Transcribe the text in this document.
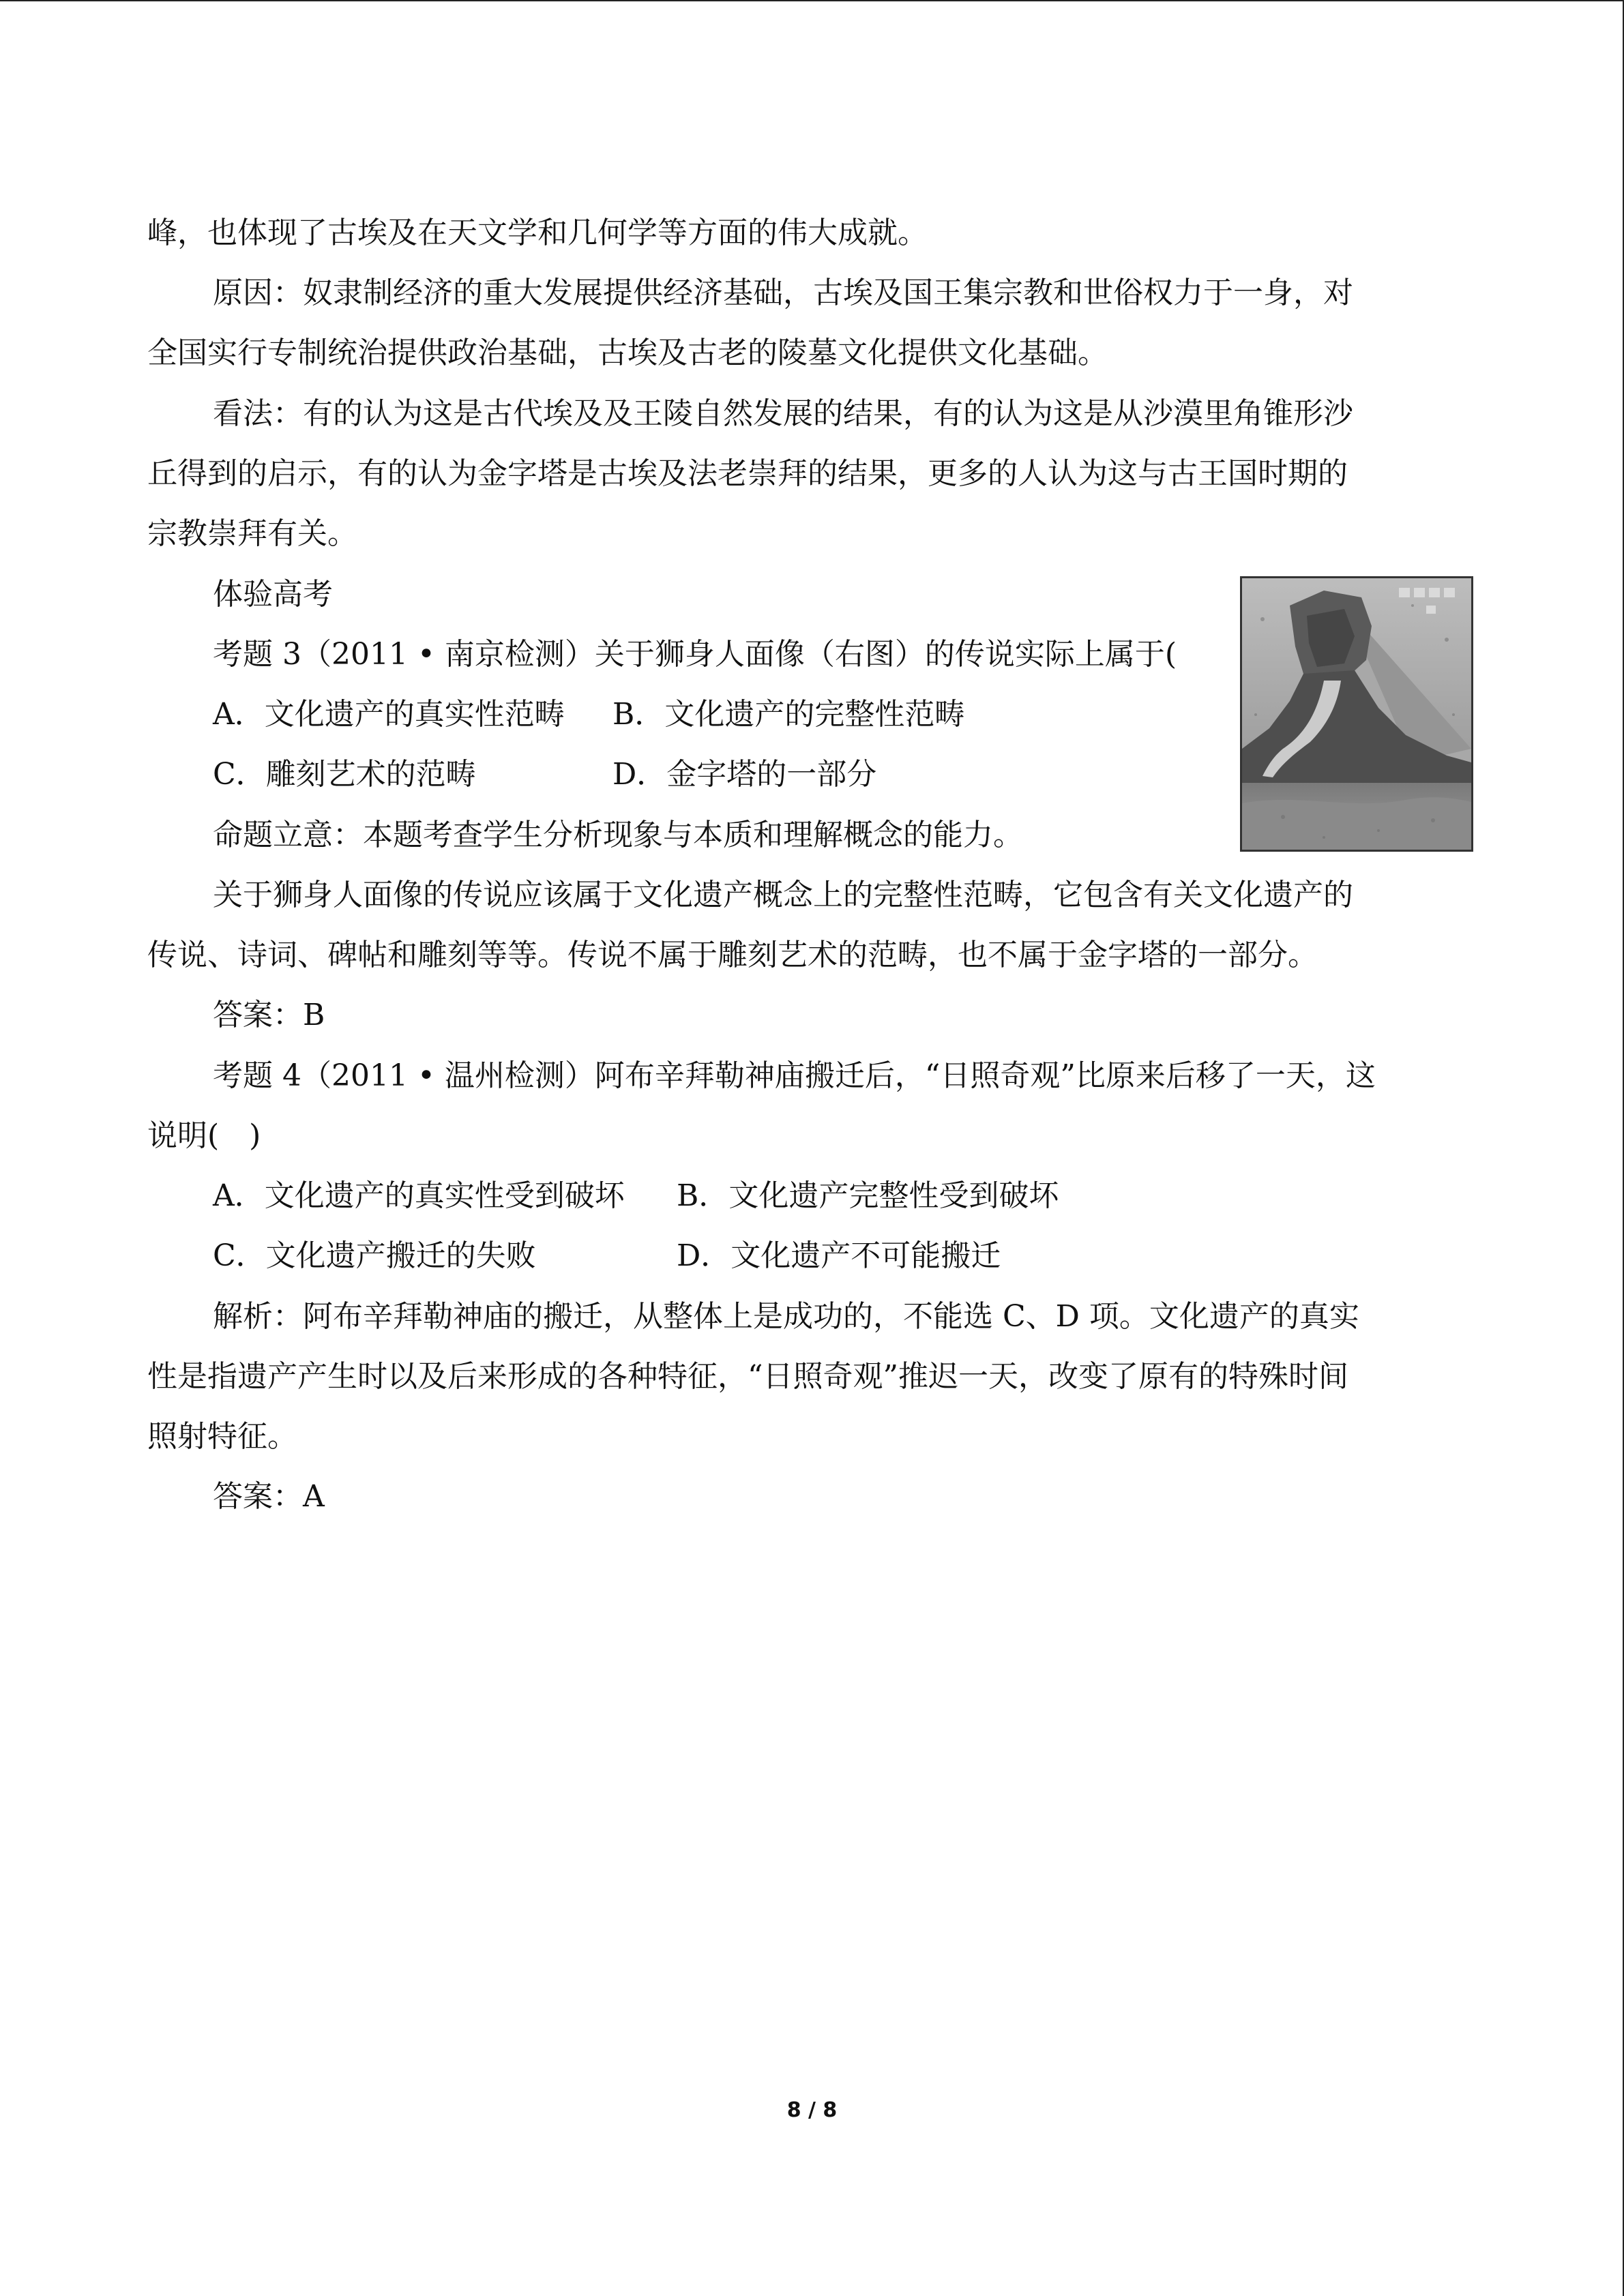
峰，也体现了古埃及在天文学和几何学等方面的伟大成就。
原因：奴隶制经济的重大发展提供经济基础，古埃及国王集宗教和世俗权力于一身，对
全国实行专制统治提供政治基础，古埃及古老的陵墓文化提供文化基础。
看法：有的认为这是古代埃及及王陵自然发展的结果，有的认为这是从沙漠里角锥形沙
丘得到的启示，有的认为金字塔是古埃及法老崇拜的结果，更多的人认为这与古王国时期的
宗教崇拜有关。
体验高考
考题 3（2011 • 南京检测）关于狮身人面像（右图）的传说实际上属于(
A．文化遗产的真实性范畴 B．文化遗产的完整性范畴
C．雕刻艺术的范畴	D．金字塔的一部分
命题立意：本题考查学生分析现象与本质和理解概念的能力。
关于狮身人面像的传说应该属于文化遗产概念上的完整性范畴，它包含有关文化遗产的
传说、诗词、碑帖和雕刻等等。传说不属于雕刻艺术的范畴，也不属于金字塔的一部分。
答案：B
考题 4（2011 • 温州检测）阿布辛拜勒神庙搬迁后，“日照奇观”比原来后移了一天，这
说明(　)
A．文化遗产的真实性受到破坏 B．文化遗产完整性受到破坏
C．文化遗产搬迁的失败	D．文化遗产不可能搬迁
解析：阿布辛拜勒神庙的搬迁，从整体上是成功的，不能选 C、D 项。文化遗产的真实
性是指遗产产生时以及后来形成的各种特征，“日照奇观”推迟一天，改变了原有的特殊时间
照射特征。
答案：A
8 / 8
